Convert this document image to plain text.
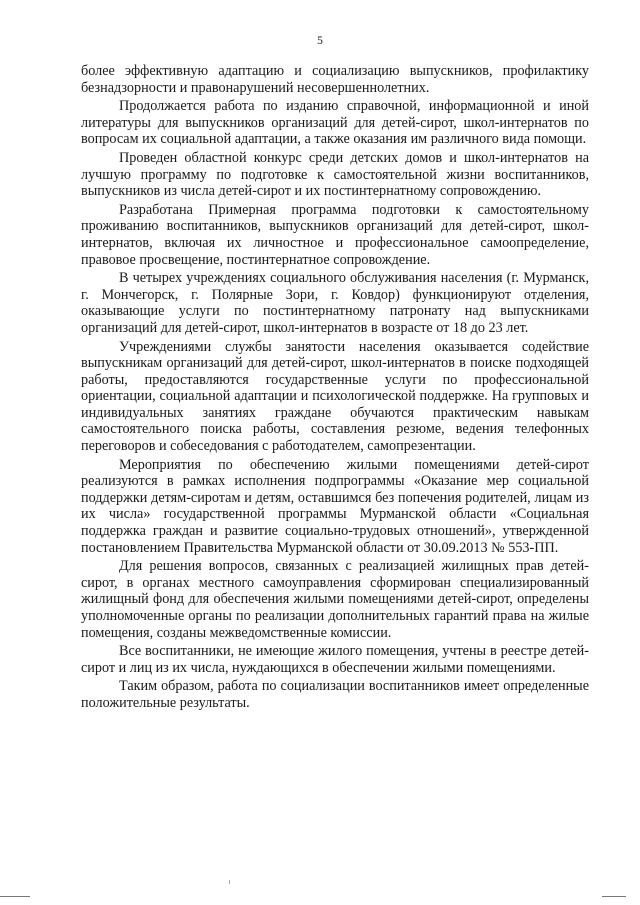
5

более эффективную адаптацию и социализацию выпускников, профилактику безнадзорности и правонарушений несовершеннолетних.

Продолжается работа по изданию справочной, информационной и иной литературы для выпускников организаций для детей-сирот, школ-интернатов по вопросам их социальной адаптации, а также оказания им различного вида помощи.

Проведен областной конкурс среди детских домов и школ-интернатов на лучшую программу по подготовке к самостоятельной жизни воспитанников, выпускников из числа детей-сирот и их постинтернатному сопровождению.

Разработана Примерная программа подготовки к самостоятельному проживанию воспитанников, выпускников организаций для детей-сирот, школ-интернатов, включая их личностное и профессиональное самоопределение, правовое просвещение, постинтернатное сопровождение.

В четырех учреждениях социального обслуживания населения (г. Мурманск, г. Мончегорск, г. Полярные Зори, г. Ковдор) функционируют отделения, оказывающие услуги по постинтернатному патронату над выпускниками организаций для детей-сирот, школ-интернатов в возрасте от 18 до 23 лет.

Учреждениями службы занятости населения оказывается содействие выпускникам организаций для детей-сирот, школ-интернатов в поиске подходящей работы, предоставляются государственные услуги по профессиональной ориентации, социальной адаптации и психологической поддержке. На групповых и индивидуальных занятиях граждане обучаются практическим навыкам самостоятельного поиска работы, составления резюме, ведения телефонных переговоров и собеседования с работодателем, самопрезентации.

Мероприятия по обеспечению жилыми помещениями детей-сирот реализуются в рамках исполнения подпрограммы «Оказание мер социальной поддержки детям-сиротам и детям, оставшимся без попечения родителей, лицам из их числа» государственной программы Мурманской области «Социальная поддержка граждан и развитие социально-трудовых отношений», утвержденной постановлением Правительства Мурманской области от 30.09.2013 № 553-ПП.

Для решения вопросов, связанных с реализацией жилищных прав детей-сирот, в органах местного самоуправления сформирован специализированный жилищный фонд для обеспечения жилыми помещениями детей-сирот, определены уполномоченные органы по реализации дополнительных гарантий права на жилые помещения, созданы межведомственные комиссии.

Все воспитанники, не имеющие жилого помещения, учтены в реестре детей-сирот и лиц из их числа, нуждающихся в обеспечении жилыми помещениями.

Таким образом, работа по социализации воспитанников имеет определенные положительные результаты.
